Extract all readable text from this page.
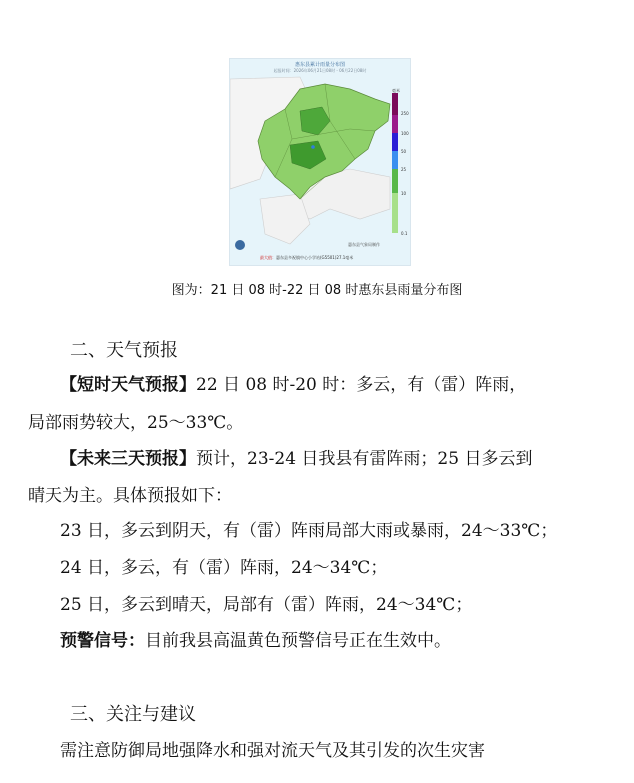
惠东县累计雨量分布图
起报时间：2026年06月21日08时 - 06月22日08时
毫米
250
100
50
25
10
0.1
惠东县气象局制作
最大值：惠东县多祝镇中心小学站(G5501)27.1毫米
图为：21 日 08 时-22 日 08 时惠东县雨量分布图
二、天气预报
【短时天气预报】22 日 08 时-20 时：多云，有（雷）阵雨，
局部雨势较大，25～33℃。
【未来三天预报】预计，23-24 日我县有雷阵雨；25 日多云到
晴天为主。具体预报如下：
23 日，多云到阴天，有（雷）阵雨局部大雨或暴雨，24～33℃；
24 日，多云，有（雷）阵雨，24～34℃；
25 日，多云到晴天，局部有（雷）阵雨，24～34℃；
预警信号：目前我县高温黄色预警信号正在生效中。
三、关注与建议
需注意防御局地强降水和强对流天气及其引发的次生灾害
